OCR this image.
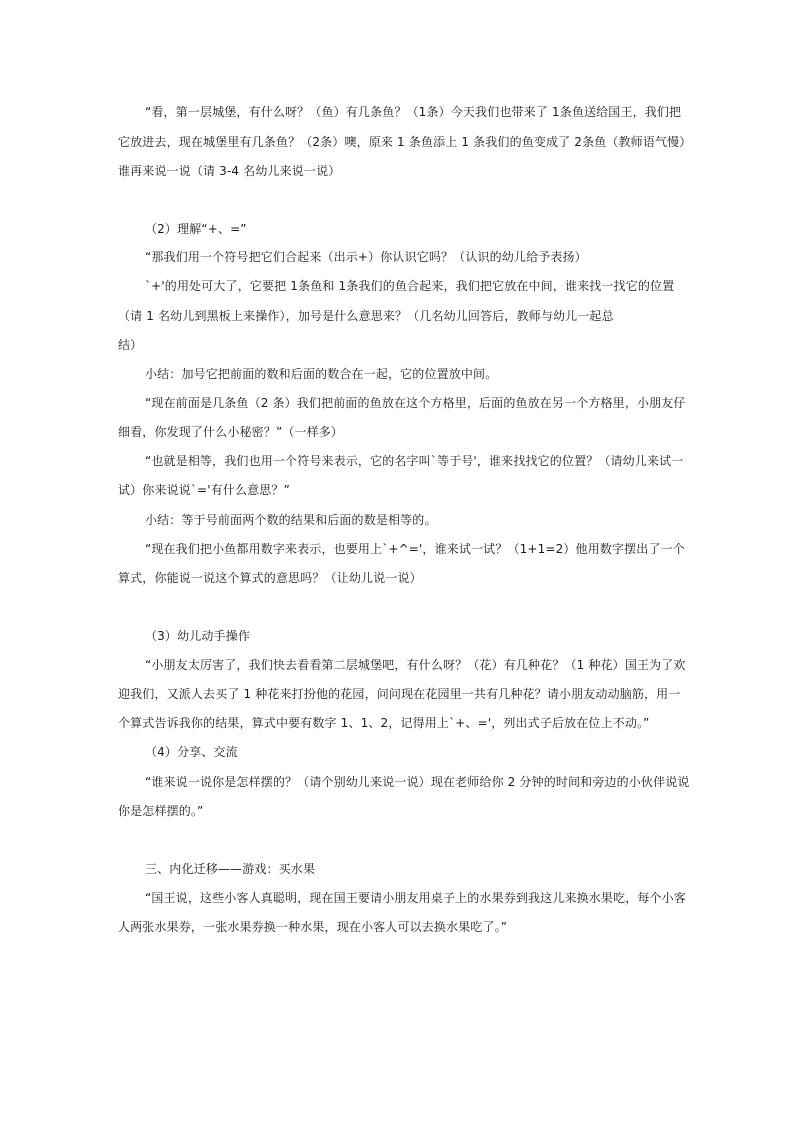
“看，第一层城堡，有什么呀？（鱼）有几条鱼？（1条）今天我们也带来了 1条鱼送给国王，我们把
它放进去，现在城堡里有几条鱼？（2条）噢，原来 1 条鱼添上 1 条我们的鱼变成了 2条鱼（教师语气慢）
谁再来说一说（请 3-4 名幼儿来说一说）
（2）理解“+、=”
“那我们用一个符号把它们合起来（出示+）你认识它吗？（认识的幼儿给予表扬）
`+'的用处可大了，它要把 1条鱼和 1条我们的鱼合起来，我们把它放在中间，谁来找一找它的位置
（请 1 名幼儿到黑板上来操作），加号是什么意思来？（几名幼儿回答后，教师与幼儿一起总
结）
小结：加号它把前面的数和后面的数合在一起，它的位置放中间。
“现在前面是几条鱼（2 条）我们把前面的鱼放在这个方格里，后面的鱼放在另一个方格里，小朋友仔
细看，你发现了什么小秘密？”（一样多）
“也就是相等，我们也用一个符号来表示，它的名字叫`等于号'，谁来找找它的位置？（请幼儿来试一
试）你来说说`='有什么意思？”
小结：等于号前面两个数的结果和后面的数是相等的。
“现在我们把小鱼都用数字来表示，也要用上`+^='，谁来试一试？（1+1=2）他用数字摆出了一个
算式，你能说一说这个算式的意思吗？（让幼儿说一说）
（3）幼儿动手操作
“小朋友太厉害了，我们快去看看第二层城堡吧，有什么呀？（花）有几种花？（1 种花）国王为了欢
迎我们，又派人去买了 1 种花来打扮他的花园，问问现在花园里一共有几种花？请小朋友动动脑筋，用一
个算式告诉我你的结果，算式中要有数字 1、1、2，记得用上`+、='，列出式子后放在位上不动。”
（4）分享、交流
“谁来说一说你是怎样摆的？（请个别幼儿来说一说）现在老师给你 2 分钟的时间和旁边的小伙伴说说
你是怎样摆的。”
三、内化迁移——游戏：买水果
“国王说，这些小客人真聪明，现在国王要请小朋友用桌子上的水果券到我这儿来换水果吃，每个小客
人两张水果券，一张水果券换一种水果，现在小客人可以去换水果吃了。”
